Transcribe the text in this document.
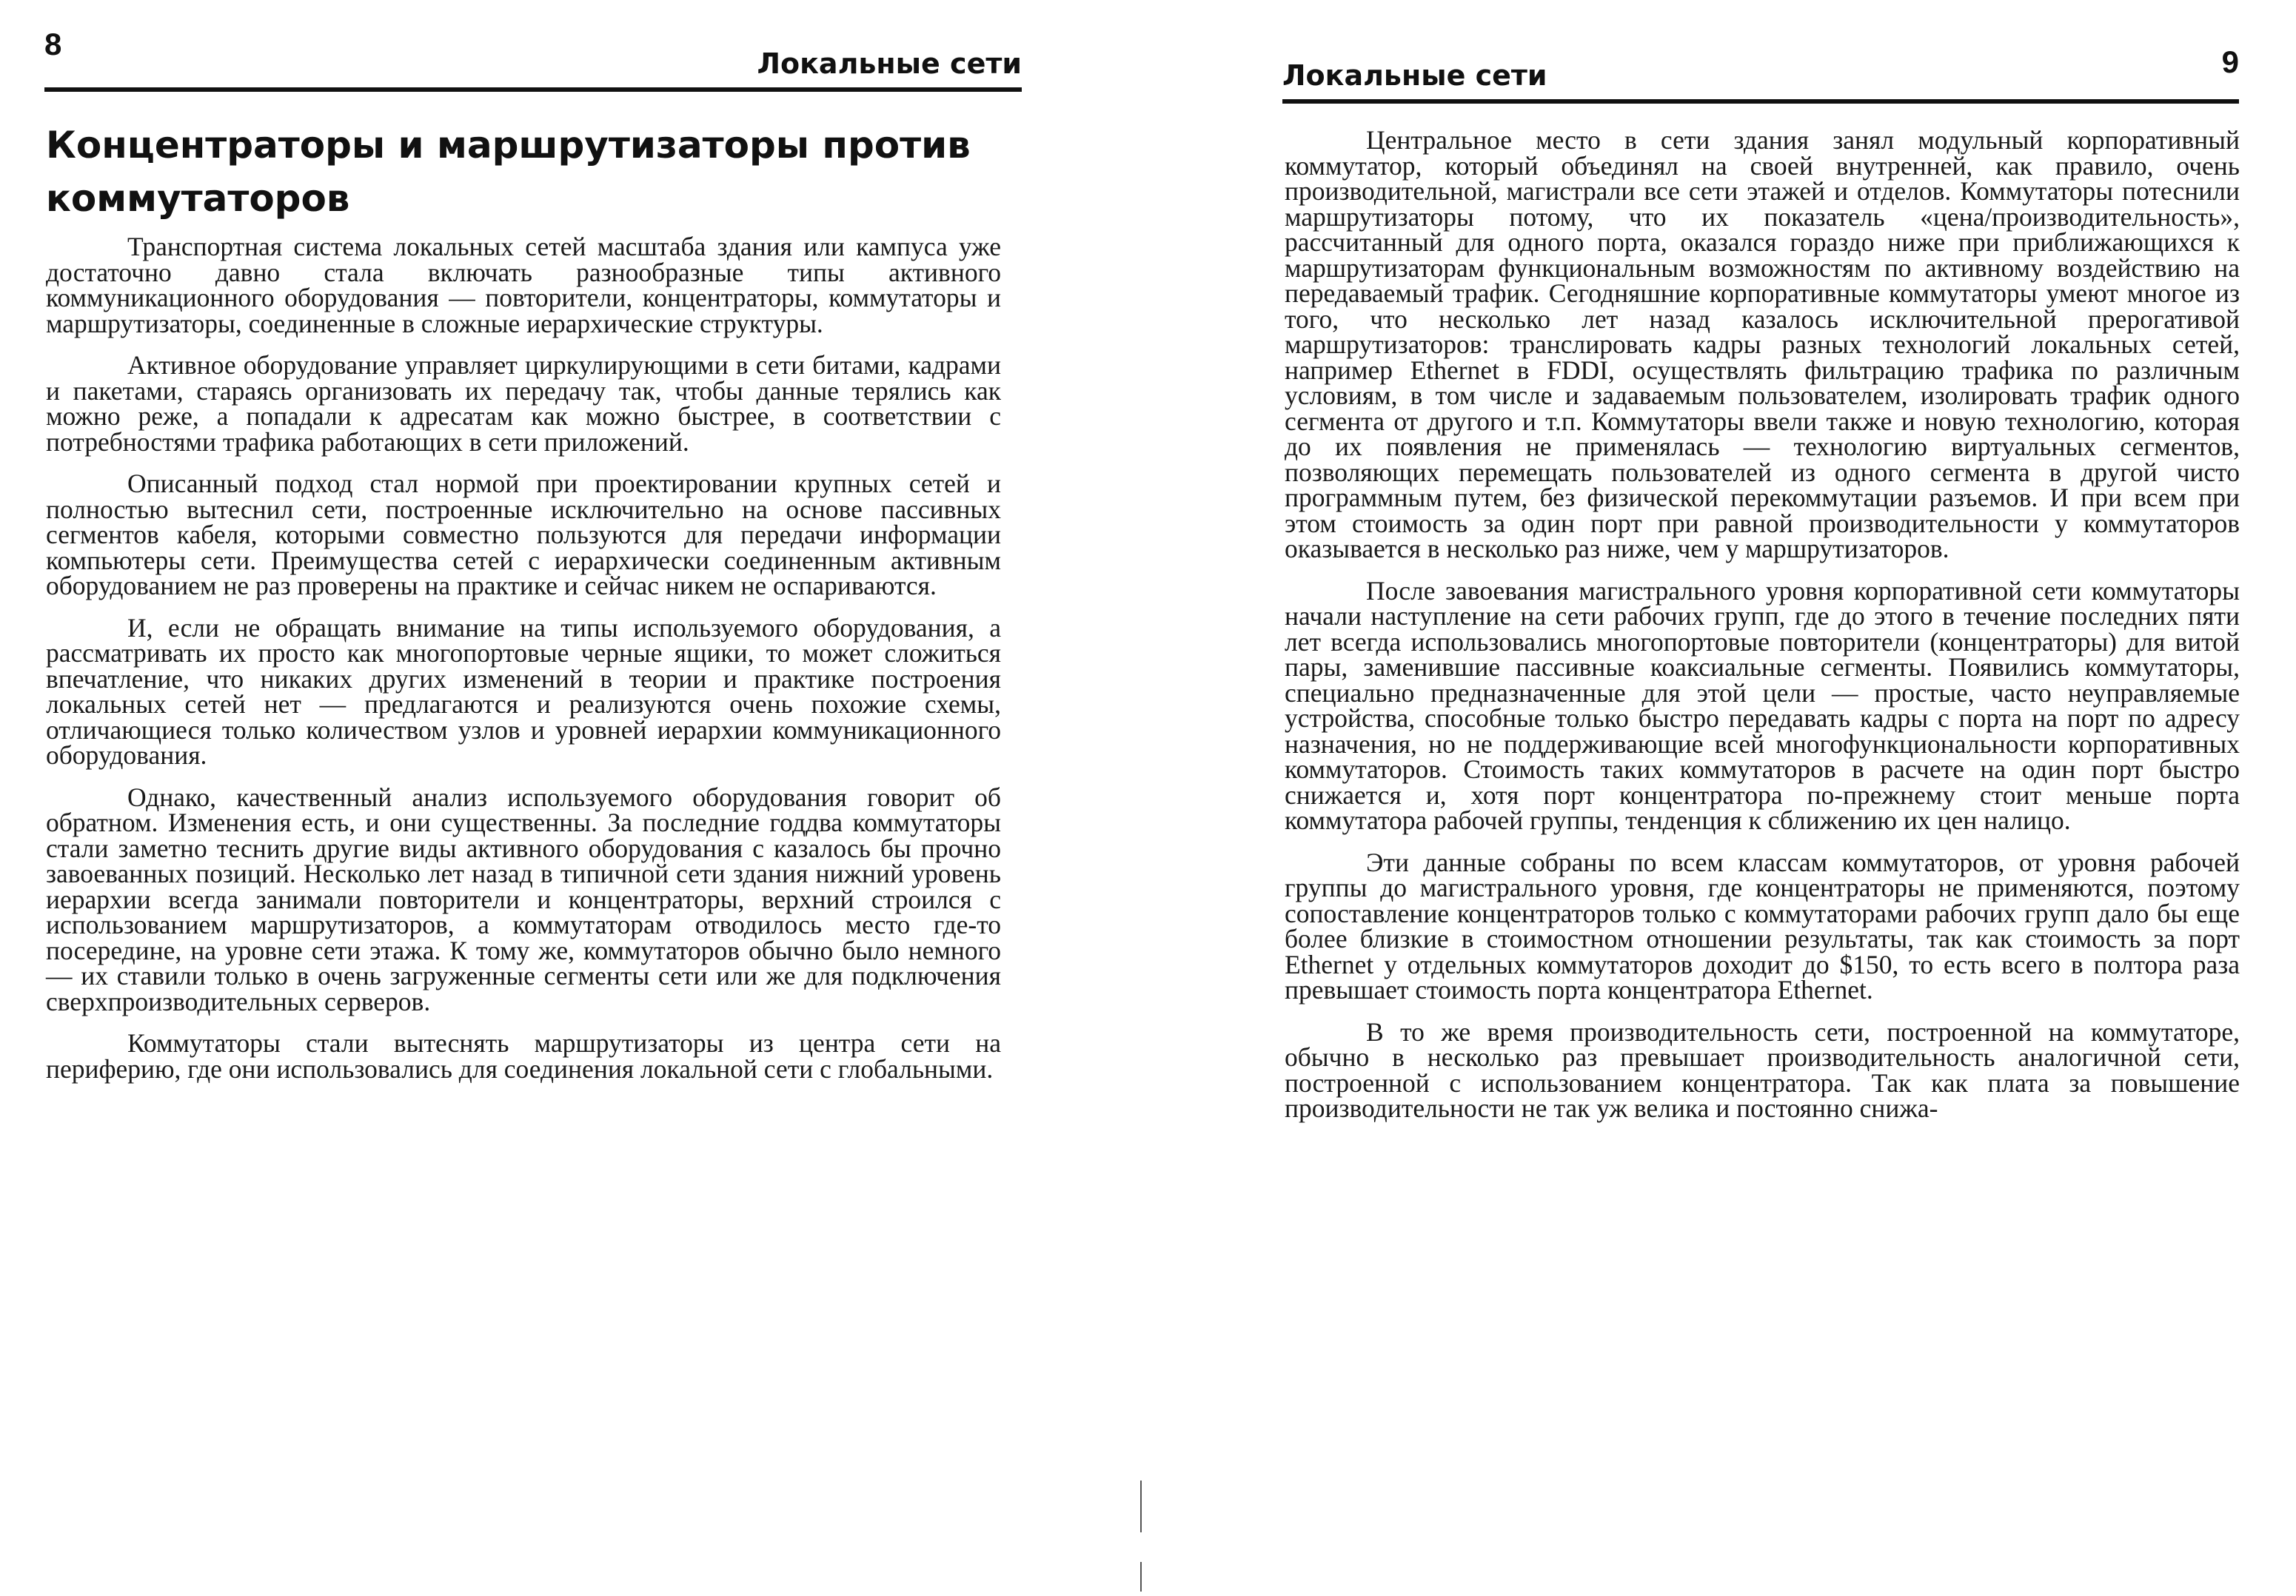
8
Локальные сети
Концентраторы и маршрутизаторы против коммутаторов

Транспортная система локальных сетей масштаба здания или кампуса уже достаточно давно стала включать разнообразные типы активного коммуникационного оборудования — повторители, концентраторы, коммутаторы и маршрутизаторы, соединенные в сложные иерархические структуры.

Активное оборудование управляет циркулирующими в сети битами, кадрами и пакетами, стараясь организовать их передачу так, чтобы данные терялись как можно реже, а попадали к адресатам как можно быстрее, в соответствии с потребностями трафика работающих в сети приложений.

Описанный подход стал нормой при проектировании крупных сетей и полностью вытеснил сети, построенные исключительно на основе пассивных сегментов кабеля, которыми совместно пользуются для передачи информации компьютеры сети. Преимущества сетей с иерархически соединенным активным оборудованием не раз проверены на практике и сейчас никем не оспариваются.

И, если не обращать внимание на типы используемого оборудования, а рассматривать их просто как многопортовые черные ящики, то может сложиться впечатление, что никаких других изменений в теории и практике построения локальных сетей нет — предлагаются и реализуются очень похожие схемы, отличающиеся только количеством узлов и уровней иерархии коммуникационного оборудования.

Однако, качественный анализ используемого оборудования говорит об обратном. Изменения есть, и они существенны. За последние годдва коммутаторы стали заметно теснить другие виды активного оборудования с казалось бы прочно завоеванных позиций. Несколько лет назад в типичной сети здания нижний уровень иерархии всегда занимали повторители и концентраторы, верхний строился с использованием маршрутизаторов, а коммутаторам отводилось место где-то посередине, на уровне сети этажа. К тому же, коммутаторов обычно было немного — их ставили только в очень загруженные сегменты сети или же для подключения сверхпроизводительных серверов.

Коммутаторы стали вытеснять маршрутизаторы из центра сети на периферию, где они использовались для соединения локальной сети с глобальными.

Локальные сети	9

Центральное место в сети здания занял модульный корпоративный коммутатор, который объединял на своей внутренней, как правило, очень производительной, магистрали все сети этажей и отделов. Коммутаторы потеснили маршрутизаторы потому, что их показатель «цена/производительность», рассчитанный для одного порта, оказался гораздо ниже при приближающихся к маршрутизаторам функциональным возможностям по активному воздействию на передаваемый трафик. Сегодняшние корпоративные коммутаторы умеют многое из того, что несколько лет назад казалось исключительной прерогативой маршрутизаторов: транслировать кадры разных технологий локальных сетей, например Ethernet в FDDI, осуществлять фильтрацию трафика по различным условиям, в том числе и задаваемым пользователем, изолировать трафик одного сегмента от другого и т.п. Коммутаторы ввели также и новую технологию, которая до их появления не применялась — технологию виртуальных сегментов, позволяющих перемещать пользователей из одного сегмента в другой чисто программным путем, без физической перекоммутации разъемов. И при всем при этом стоимость за один порт при равной производительности у коммутаторов оказывается в несколько раз ниже, чем у маршрутизаторов.

После завоевания магистрального уровня корпоративной сети коммутаторы начали наступление на сети рабочих групп, где до этого в течение последних пяти лет всегда использовались многопортовые повторители (концентраторы) для витой пары, заменившие пассивные коаксиальные сегменты. Появились коммутаторы, специально предназначенные для этой цели — простые, часто неуправляемые устройства, способные только быстро передавать кадры с порта на порт по адресу назначения, но не поддерживающие всей многофункциональности корпоративных коммутаторов. Стоимость таких коммутаторов в расчете на один порт быстро снижается и, хотя порт концентратора по-прежнему стоит меньше порта коммутатора рабочей группы, тенденция к сближению их цен налицо.

Эти данные собраны по всем классам коммутаторов, от уровня рабочей группы до магистрального уровня, где концентраторы не применяются, поэтому сопоставление концентраторов только с коммутаторами рабочих групп дало бы еще более близкие в стоимостном отношении результаты, так как стоимость за порт Ethernet у отдельных коммутаторов доходит до $150, то есть всего в полтора раза превышает стоимость порта концентратора Ethernet.

В то же время производительность сети, построенной на коммутаторе, обычно в несколько раз превышает производительность аналогичной сети, построенной с использованием концентратора. Так как плата за повышение производительности не так уж велика и постоянно снижа-
